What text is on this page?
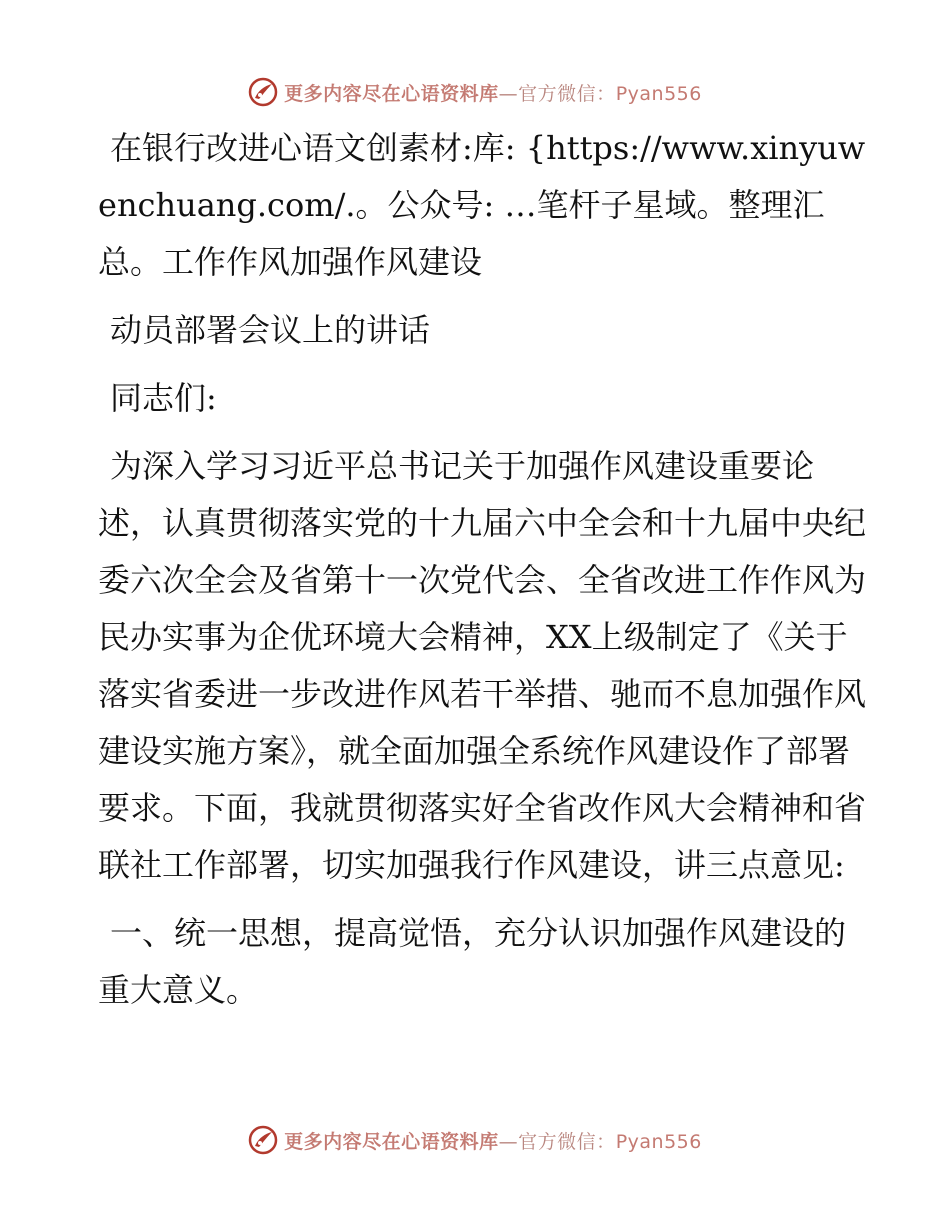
更多内容尽在心语资料库—官方微信：Pyan556

在银行改进心语文创素材:库: {https://www.xinyuwenchuang.com/.。公众号: …笔杆子星域。整理汇总。工作作风加强作风建设

动员部署会议上的讲话

同志们:

为深入学习习近平总书记关于加强作风建设重要论述，认真贯彻落实党的十九届六中全会和十九届中央纪委六次全会及省第十一次党代会、全省改进工作作风为民办实事为企优环境大会精神，XX上级制定了《关于落实省委进一步改进作风若干举措、驰而不息加强作风建设实施方案》，就全面加强全系统作风建设作了部署要求。下面，我就贯彻落实好全省改作风大会精神和省联社工作部署，切实加强我行作风建设，讲三点意见:

一、统一思想，提高觉悟，充分认识加强作风建设的重大意义。

更多内容尽在心语资料库—官方微信：Pyan556
